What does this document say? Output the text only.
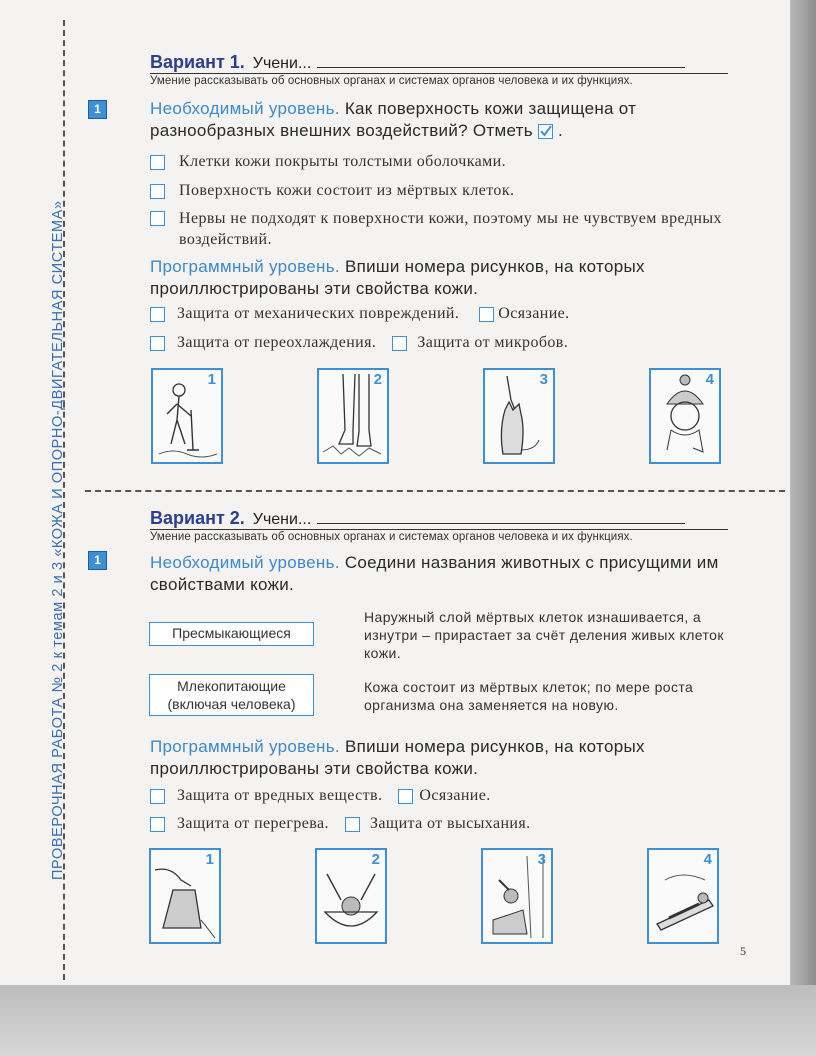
ПРОВЕРОЧНАЯ РАБОТА № 2 к темам 2 и 3 «КОЖА И ОПОРНО-ДВИГАТЕЛЬНАЯ СИСТЕМА»
Вариант 1. Учени...
Умение рассказывать об основных органах и системах органов человека и их функциях.
1	Необходимый уровень. Как поверхность кожи защищена от разнообразных внешних воздействий? Отметь
.
Клетки кожи покрыты толстыми оболочками.
Поверхность кожи состоит из мёртвых клеток.
Нервы не подходят к поверхности кожи, поэтому мы не чувствуем вредных воздействий.
Программный уровень. Впиши номера рисунков, на которых проиллюстрированы эти свойства кожи.
Защита от механических повреждений. Осязание.
Защита от переохлаждения.	Защита от микробов.
1	2	3	4
Вариант 2. Учени...
Умение рассказывать об основных органах и системах органов человека и их функциях.
1	Необходимый уровень. Соедини названия животных с присущими им свойствами кожи.
Пресмыкающиеся
Млекопитающие
(включая человека)
Наружный слой мёртвых клеток изнашивается, а изнутри – прирастает за счёт деления живых клеток кожи.
Кожа состоит из мёртвых клеток; по мере роста организма она заменяется на новую.
Программный уровень. Впиши номера рисунков, на которых проиллюстрированы эти свойства кожи.
Защита от вредных веществ. Осязание.
Защита от перегрева.	Защита от высыхания.
1	2	3	4
5
